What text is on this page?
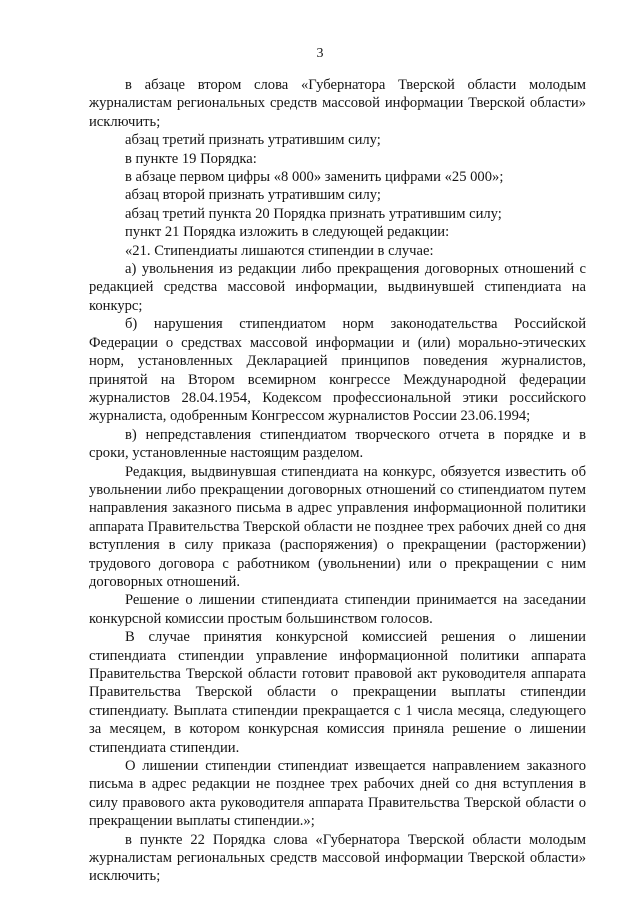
3

в абзаце втором слова «Губернатора Тверской области молодым журналистам региональных средств массовой информации Тверской области» исключить;

абзац третий признать утратившим силу;

в пункте 19 Порядка:

в абзаце первом цифры «8 000» заменить цифрами «25 000»;

абзац второй признать утратившим силу;

абзац третий пункта 20 Порядка признать утратившим силу;

пункт 21 Порядка изложить в следующей редакции:

«21. Стипендиаты лишаются стипендии в случае:

а) увольнения из редакции либо прекращения договорных отношений с редакцией средства массовой информации, выдвинувшей стипендиата на конкурс;

б) нарушения стипендиатом норм законодательства Российской Федерации о средствах массовой информации и (или) морально-этических норм, установленных Декларацией принципов поведения журналистов, принятой на Втором всемирном конгрессе Международной федерации журналистов 28.04.1954, Кодексом профессиональной этики российского журналиста, одобренным Конгрессом журналистов России 23.06.1994;

в) непредставления стипендиатом творческого отчета в порядке и в сроки, установленные настоящим разделом.

Редакция, выдвинувшая стипендиата на конкурс, обязуется известить об увольнении либо прекращении договорных отношений со стипендиатом путем направления заказного письма в адрес управления информационной политики аппарата Правительства Тверской области не позднее трех рабочих дней со дня вступления в силу приказа (распоряжения) о прекращении (расторжении) трудового договора с работником (увольнении) или о прекращении с ним договорных отношений.

Решение о лишении стипендиата стипендии принимается на заседании конкурсной комиссии простым большинством голосов.

В случае принятия конкурсной комиссией решения о лишении стипендиата стипендии управление информационной политики аппарата Правительства Тверской области готовит правовой акт руководителя аппарата Правительства Тверской области о прекращении выплаты стипендии стипендиату. Выплата стипендии прекращается с 1 числа месяца, следующего за месяцем, в котором конкурсная комиссия приняла решение о лишении стипендиата стипендии.

О лишении стипендии стипендиат извещается направлением заказного письма в адрес редакции не позднее трех рабочих дней со дня вступления в силу правового акта руководителя аппарата Правительства Тверской области о прекращении выплаты стипендии.»;

в пункте 22 Порядка слова «Губернатора Тверской области молодым журналистам региональных средств массовой информации Тверской области» исключить;
